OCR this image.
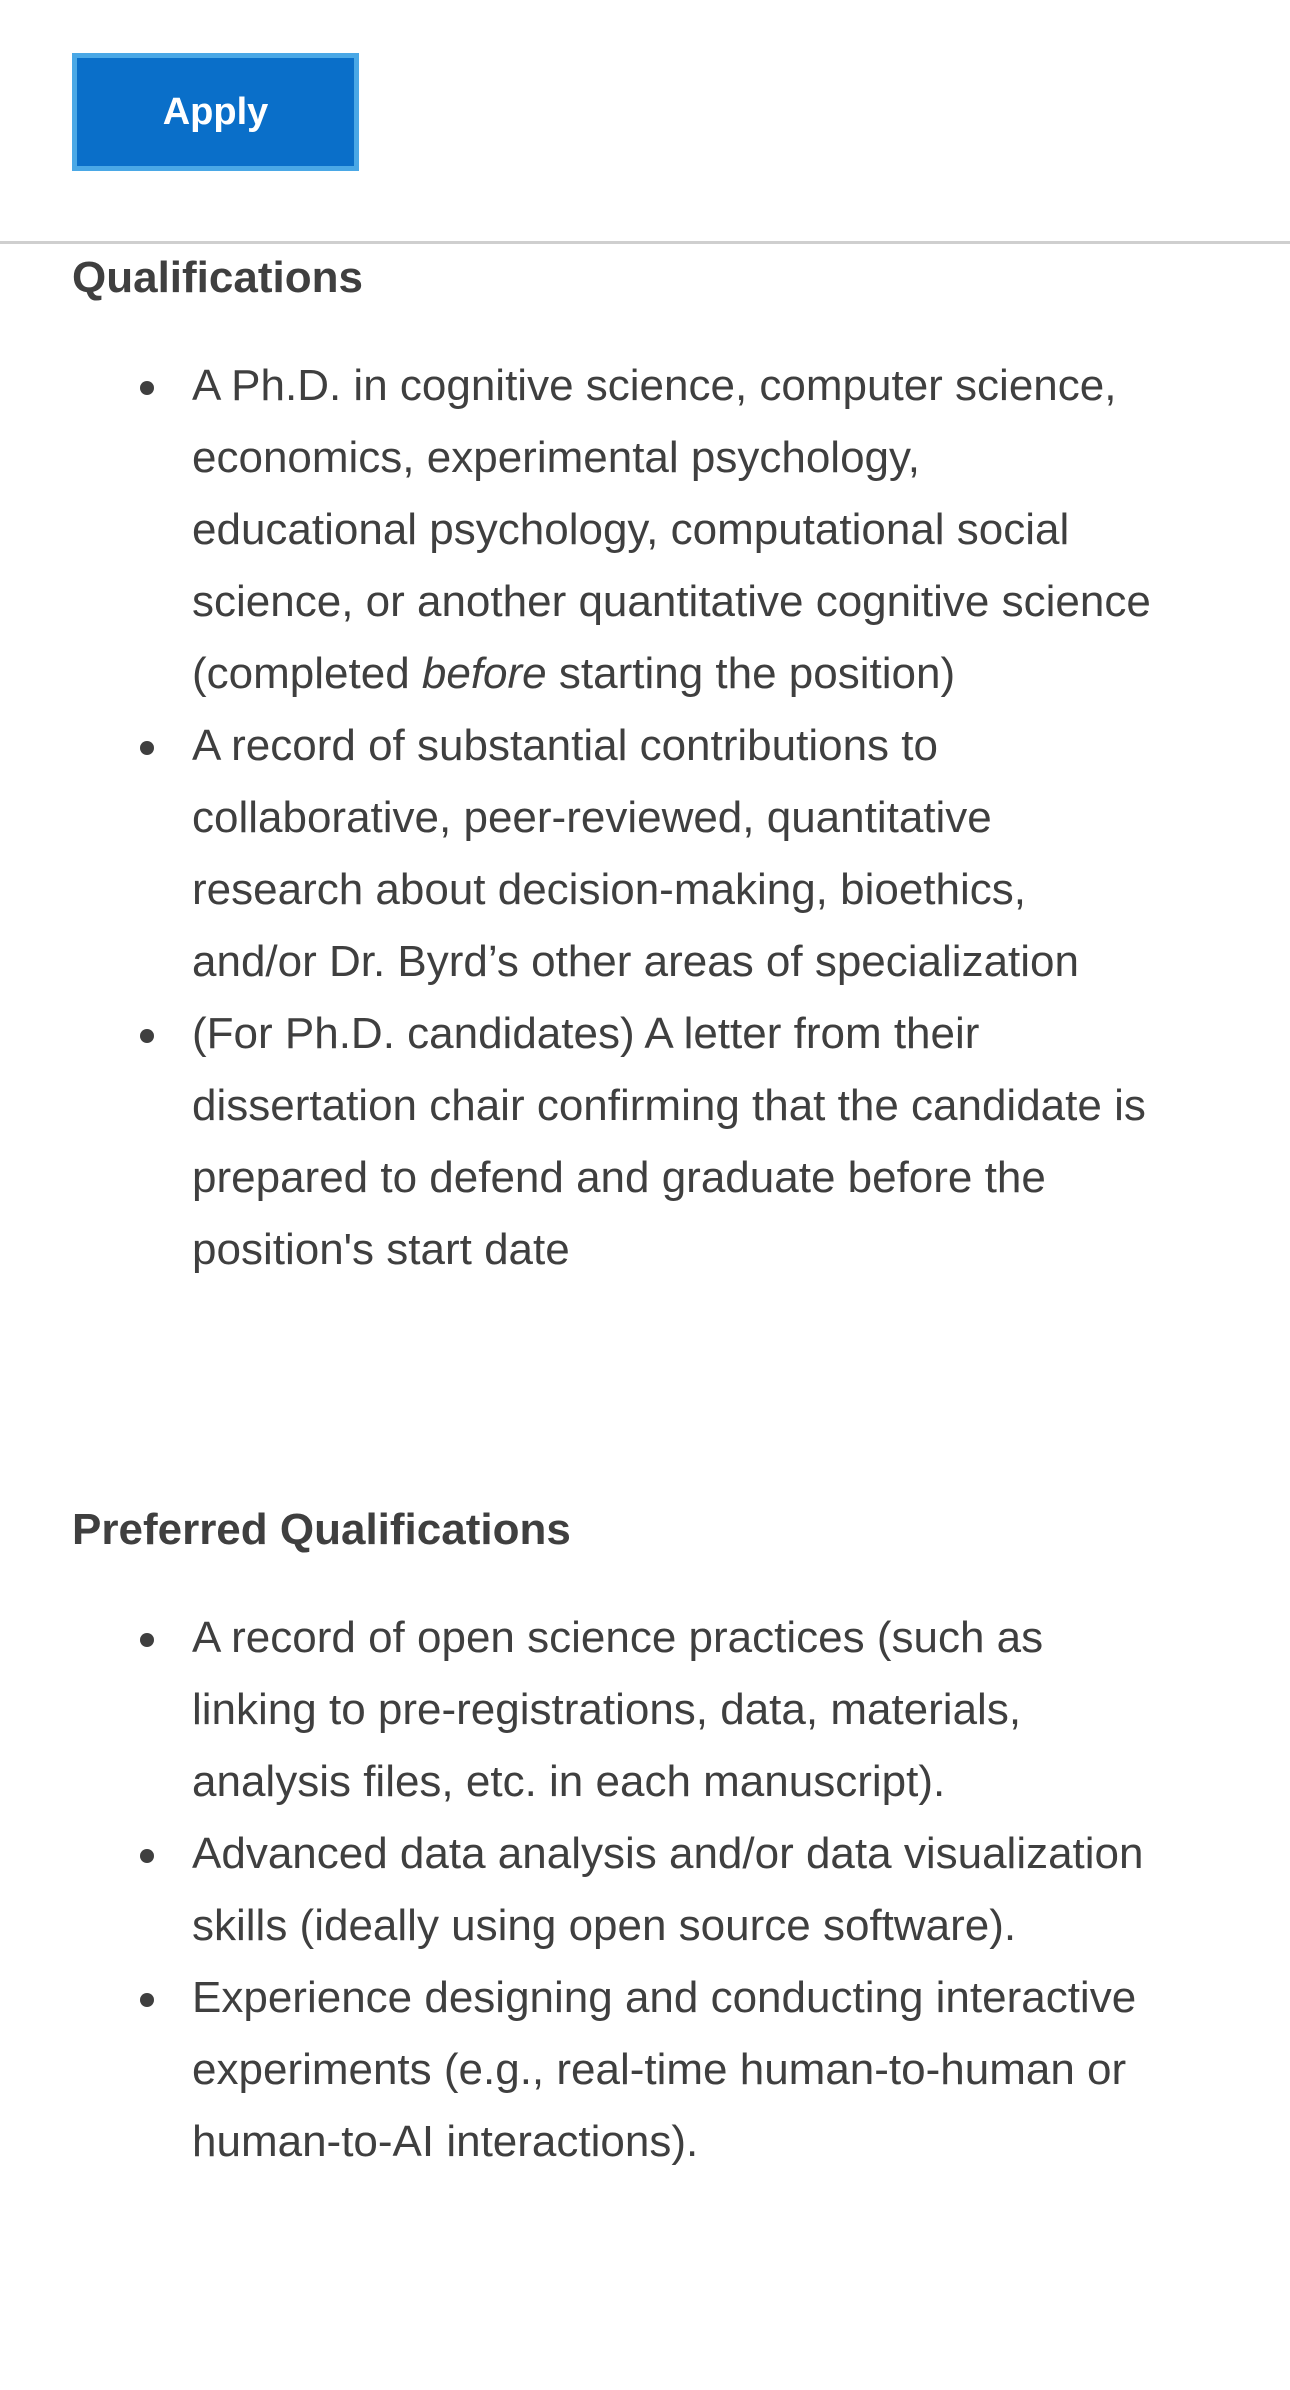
Apply
Qualifications
A Ph.D. in cognitive science, computer science, economics, experimental psychology, educational psychology, computational social science, or another quantitative cognitive science (completed before starting the position)
A record of substantial contributions to collaborative, peer-reviewed, quantitative research about decision-making, bioethics, and/or Dr. Byrd’s other areas of specialization
(For Ph.D. candidates) A letter from their dissertation chair confirming that the candidate is prepared to defend and graduate before the position's start date
Preferred Qualifications
A record of open science practices (such as linking to pre-registrations, data, materials, analysis files, etc. in each manuscript).
Advanced data analysis and/or data visualization skills (ideally using open source software).
Experience designing and conducting interactive experiments (e.g., real-time human-to-human or human-to-AI interactions).
